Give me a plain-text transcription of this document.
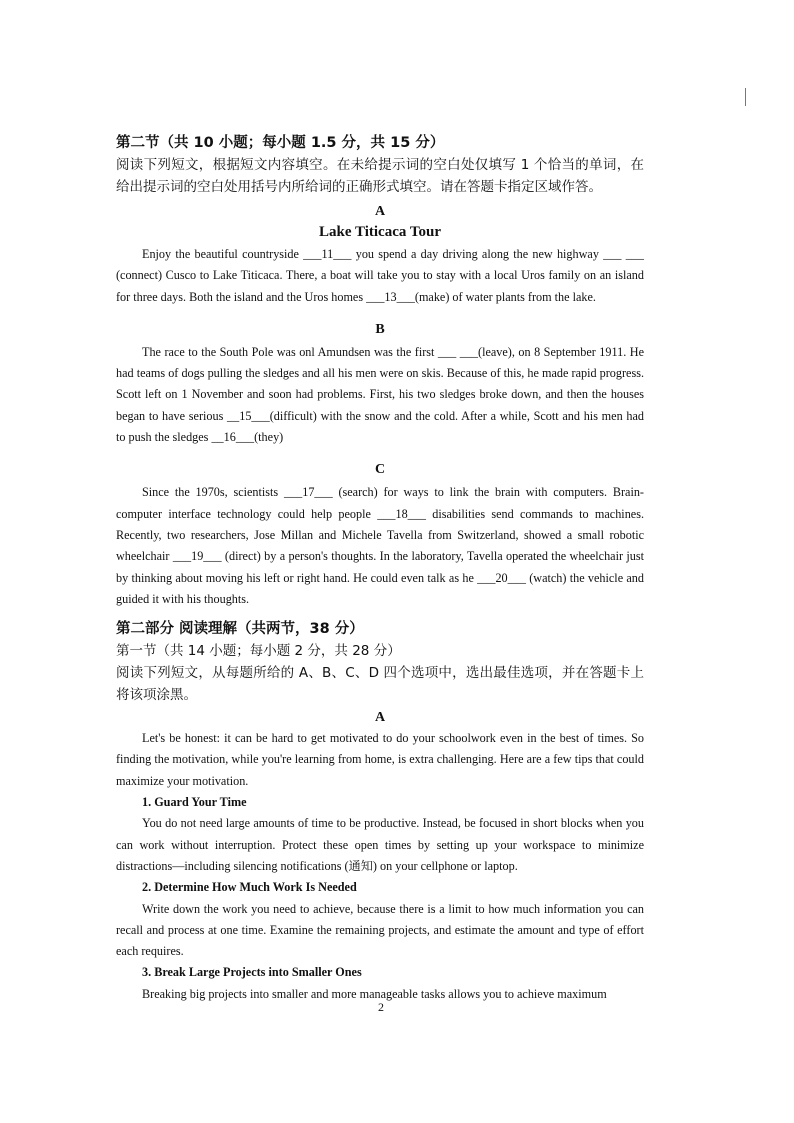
第二节（共 10 小题；每小题 1.5 分，共 15 分）
阅读下列短文，根据短文内容填空。在未给提示词的空白处仅填写 1 个恰当的单词，在给出提示词的空白处用括号内所给词的正确形式填空。请在答题卡指定区域作答。
A
Lake Titicaca Tour
Enjoy the beautiful countryside ___11___ you spend a day driving along the new highway ___ ___ (connect) Cusco to Lake Titicaca. There, a boat will take you to stay with a local Uros family on an island for three days. Both the island and the Uros homes ___13___(make) of water plants from the lake.
B
The race to the South Pole was onl Amundsen was the first ___ ___(leave), on 8 September 1911. He had teams of dogs pulling the sledges and all his men were on skis. Because of this, he made rapid progress. Scott left on 1 November and soon had problems. First, his two sledges broke down, and then the houses began to have serious __15___(difficult) with the snow and the cold. After a while, Scott and his men had to push the sledges __16___(they)
C
Since the 1970s, scientists ___17___ (search) for ways to link the brain with computers. Brain-computer interface technology could help people ___18___ disabilities send commands to machines. Recently, two researchers, Jose Millan and Michele Tavella from Switzerland, showed a small robotic wheelchair ___19___ (direct) by a person's thoughts. In the laboratory, Tavella operated the wheelchair just by thinking about moving his left or right hand. He could even talk as he ___20___ (watch) the vehicle and guided it with his thoughts.
第二部分 阅读理解（共两节，38 分）
第一节（共 14 小题；每小题 2 分，共 28 分）
阅读下列短文，从每题所给的 A、B、C、D 四个选项中，选出最佳选项，并在答题卡上将该项涂黑。
A
Let's be honest: it can be hard to get motivated to do your schoolwork even in the best of times. So finding the motivation, while you're learning from home, is extra challenging. Here are a few tips that could maximize your motivation.
1. Guard Your Time
You do not need large amounts of time to be productive. Instead, be focused in short blocks when you can work without interruption. Protect these open times by setting up your workspace to minimize distractions—including silencing notifications (通知) on your cellphone or laptop.
2. Determine How Much Work Is Needed
Write down the work you need to achieve, because there is a limit to how much information you can recall and process at one time. Examine the remaining projects, and estimate the amount and type of effort each requires.
3. Break Large Projects into Smaller Ones
Breaking big projects into smaller and more manageable tasks allows you to achieve maximum
2
